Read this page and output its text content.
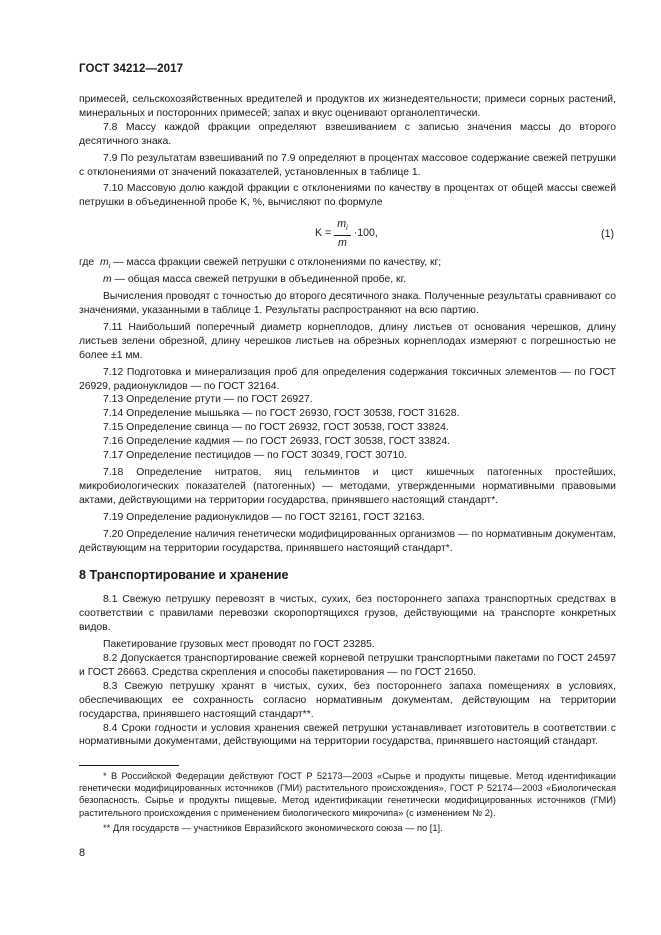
ГОСТ 34212—2017

примесей, сельскохозяйственных вредителей и продуктов их жизнедеятельности; примеси сорных растений, минеральных и посторонних примесей; запах и вкус оценивают органолептически.

7.8 Массу каждой фракции определяют взвешиванием с записью значения массы до второго десятичного знака.

7.9 По результатам взвешиваний по 7.9 определяют в процентах массовое содержание свежей петрушки с отклонениями от значений показателей, установленных в таблице 1.

7.10 Массовую долю каждой фракции с отклонениями по качеству в процентах от общей массы свежей петрушки в объединенной пробе K, %, вычисляют по формуле

$K = \frac{m_i}{m} \cdot 100$,	(1)

где $m_i$ — масса фракции свежей петрушки с отклонениями по качеству, кг;

m — общая масса свежей петрушки в объединенной пробе, кг.

Вычисления проводят с точностью до второго десятичного знака. Полученные результаты сравнивают со значениями, указанными в таблице 1. Результаты распространяют на всю партию.

7.11 Наибольший поперечный диаметр корнеплодов, длину листьев от основания черешков, длину листьев зелени обрезной, длину черешков листьев на обрезных корнеплодах измеряют с погрешностью не более ±1 мм.

7.12 Подготовка и минерализация проб для определения содержания токсичных элементов — по ГОСТ 26929, радионуклидов — по ГОСТ 32164.

7.13 Определение ртути — по ГОСТ 26927.

7.14 Определение мышьяка — по ГОСТ 26930, ГОСТ 30538, ГОСТ 31628.

7.15 Определение свинца — по ГОСТ 26932, ГОСТ 30538, ГОСТ 33824.

7.16 Определение кадмия — по ГОСТ 26933, ГОСТ 30538, ГОСТ 33824.

7.17 Определение пестицидов — по ГОСТ 30349, ГОСТ 30710.

7.18 Определение нитратов, яиц гельминтов и цист кишечных патогенных простейших, микробиологических показателей (патогенных) — методами, утвержденными нормативными правовыми актами, действующими на территории государства, принявшего настоящий стандарт*.

7.19 Определение радионуклидов — по ГОСТ 32161, ГОСТ 32163.

7.20 Определение наличия генетически модифицированных организмов — по нормативным документам, действующим на территории государства, принявшего настоящий стандарт*.

8 Транспортирование и хранение

8.1 Свежую петрушку перевозят в чистых, сухих, без постороннего запаха транспортных средствах в соответствии с правилами перевозки скоропортящихся грузов, действующими на транспорте конкретных видов.

Пакетирование грузовых мест проводят по ГОСТ 23285.

8.2 Допускается транспортирование свежей корневой петрушки транспортными пакетами по ГОСТ 24597 и ГОСТ 26663. Средства скрепления и способы пакетирования — по ГОСТ 21650.

8.3 Свежую петрушку хранят в чистых, сухих, без постороннего запаха помещениях в условиях, обеспечивающих ее сохранность согласно нормативным документам, действующим на территории государства, принявшего настоящий стандарт**.

8.4 Сроки годности и условия хранения свежей петрушки устанавливает изготовитель в соответствии с нормативными документами, действующими на территории государства, принявшего настоящий стандарт.

* В Российской Федерации действуют ГОСТ Р 52173—2003 «Сырье и продукты пищевые. Метод идентификации генетически модифицированных источников (ГМИ) растительного происхождения», ГОСТ Р 52174—2003 «Биологическая безопасность. Сырье и продукты пищевые. Метод идентификации генетически модифицированных источников (ГМИ) растительного происхождения с применением биологического микрочипа» (с изменением № 2).

** Для государств — участников Евразийского экономического союза — по [1].

8
